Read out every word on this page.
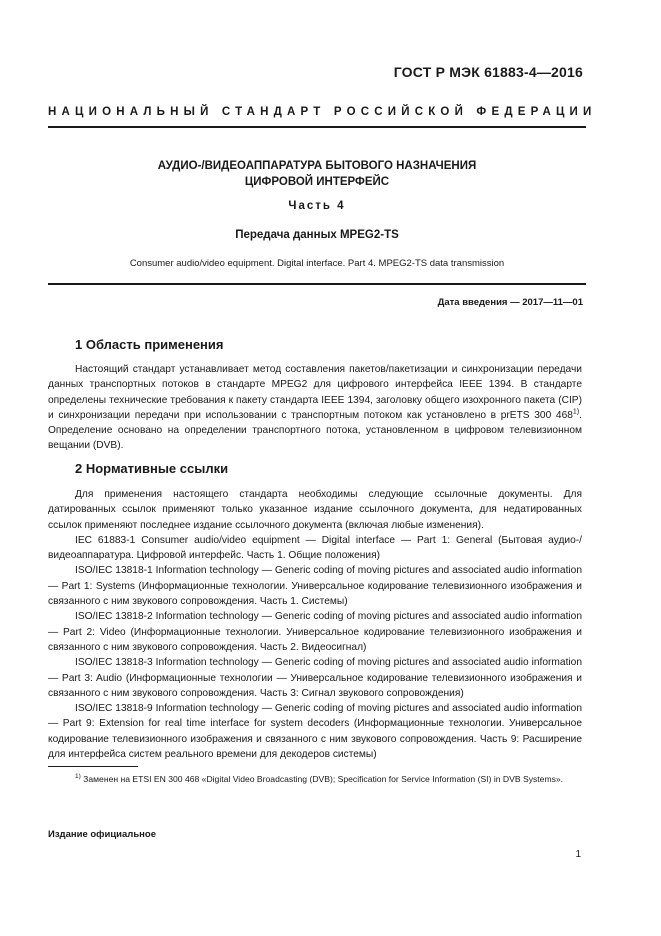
ГОСТ Р МЭК 61883-4—2016
НАЦИОНАЛЬНЫЙ СТАНДАРТ РОССИЙСКОЙ ФЕДЕРАЦИИ
АУДИО-/ВИДЕОАППАРАТУРА БЫТОВОГО НАЗНАЧЕНИЯ
ЦИФРОВОЙ ИНТЕРФЕЙС
Часть 4
Передача данных MPEG2-TS
Consumer audio/video equipment. Digital interface. Part 4. MPEG2-TS data transmission
Дата введения — 2017—11—01
1 Область применения

Настоящий стандарт устанавливает метод составления пакетов/пакетизации и синхронизации передачи данных транспортных потоков в стандарте MPEG2 для цифрового интерфейса IEEE 1394. В стандарте определены технические требования к пакету стандарта IEEE 1394, заголовку общего изохронного пакета (CIP) и синхронизации передачи при использовании с транспортным потоком как установлено в prETS 300 468$^{1)}$. Определение основано на определении транспортного потока, установленном в цифровом телевизионном вещании (DVB).

2 Нормативные ссылки

Для применения настоящего стандарта необходимы следующие ссылочные документы. Для датированных ссылок применяют только указанное издание ссылочного документа, для недатированных ссылок применяют последнее издание ссылочного документа (включая любые изменения).

IEC 61883-1 Consumer audio/video equipment — Digital interface — Part 1: General (Бытовая аудио-/видеоаппаратура. Цифровой интерфейс. Часть 1. Общие положения)

ISO/IEC 13818-1 Information technology — Generic coding of moving pictures and associated audio information — Part 1: Systems (Информационные технологии. Универсальное кодирование телевизионного изображения и связанного с ним звукового сопровождения. Часть 1. Системы)

ISO/IEC 13818-2 Information technology — Generic coding of moving pictures and associated audio information — Part 2: Video (Информационные технологии. Универсальное кодирование телевизионного изображения и связанного с ним звукового сопровождения. Часть 2. Видеосигнал)

ISO/IEC 13818-3 Information technology — Generic coding of moving pictures and associated audio information — Part 3: Audio (Информационные технологии — Универсальное кодирование телевизионного изображения и связанного с ним звукового сопровождения. Часть 3: Сигнал звукового сопровождения)

ISO/IEC 13818-9 Information technology — Generic coding of moving pictures and associated audio information — Part 9: Extension for real time interface for system decoders (Информационные технологии. Универсальное кодирование телевизионного изображения и связанного с ним звукового сопровождения. Часть 9: Расширение для интерфейса систем реального времени для декодеров системы)

$^{1)}$ Заменен на ETSI EN 300 468 «Digital Video Broadcasting (DVB); Specification for Service Information (SI) in DVB Systems».
Издание официальное
1
